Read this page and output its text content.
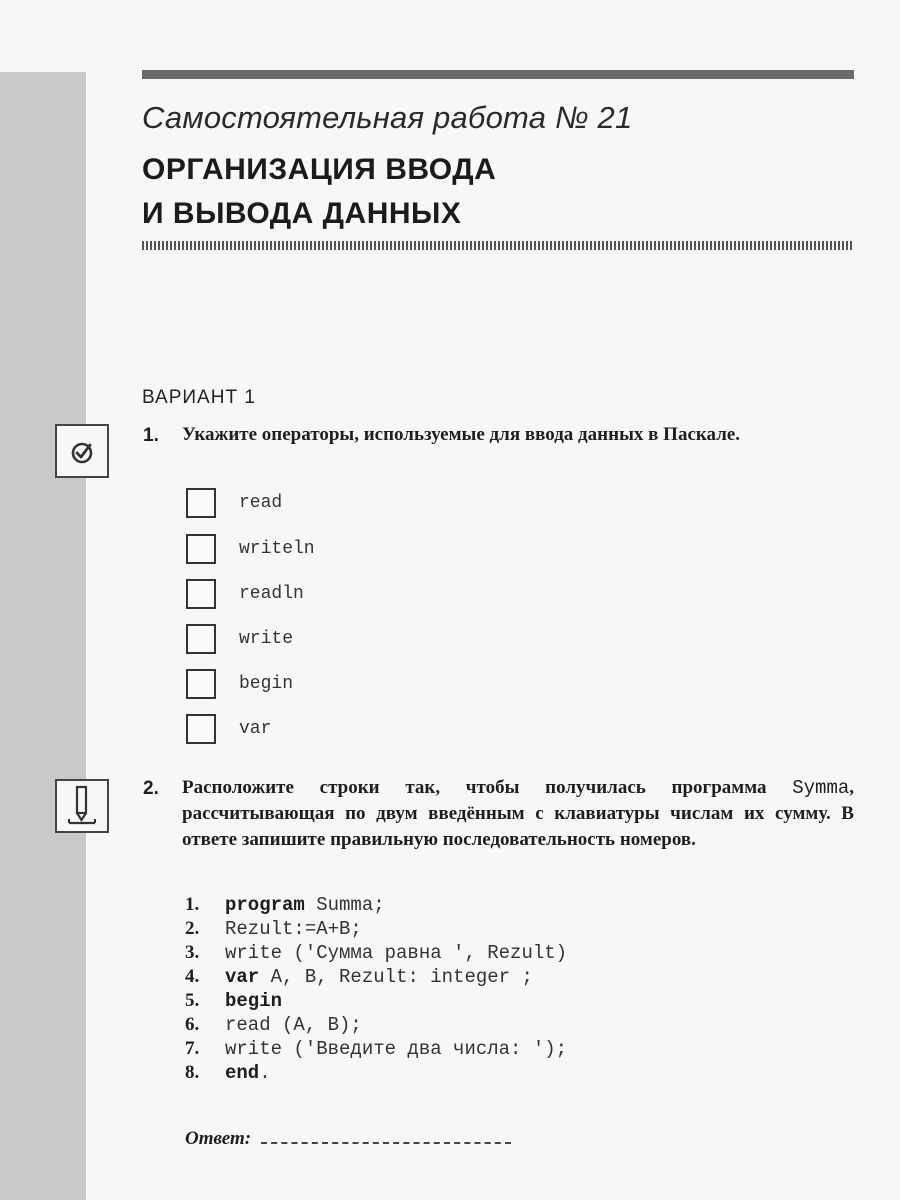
Самостоятельная работа № 21
ОРГАНИЗАЦИЯ ВВОДА
И ВЫВОДА ДАННЫХ
ВАРИАНТ 1
1. Укажите операторы, используемые для ввода данных в Паскале.
read
writeln
readln
write
begin
var
2. Расположите строки так, чтобы получилась программа Symma, рассчитывающая по двум введённым с клавиатуры числам их сумму. В ответе запишите правильную последовательность номеров.
1.	program Summa;
2.	Rezult:=A+B;
3.	write ('Сумма равна ', Rezult)
4.	var A, B, Rezult: integer ;
5.	begin
6.	read (A, B);
7.	write ('Введите два числа: ');
8.	end .
Ответ:
